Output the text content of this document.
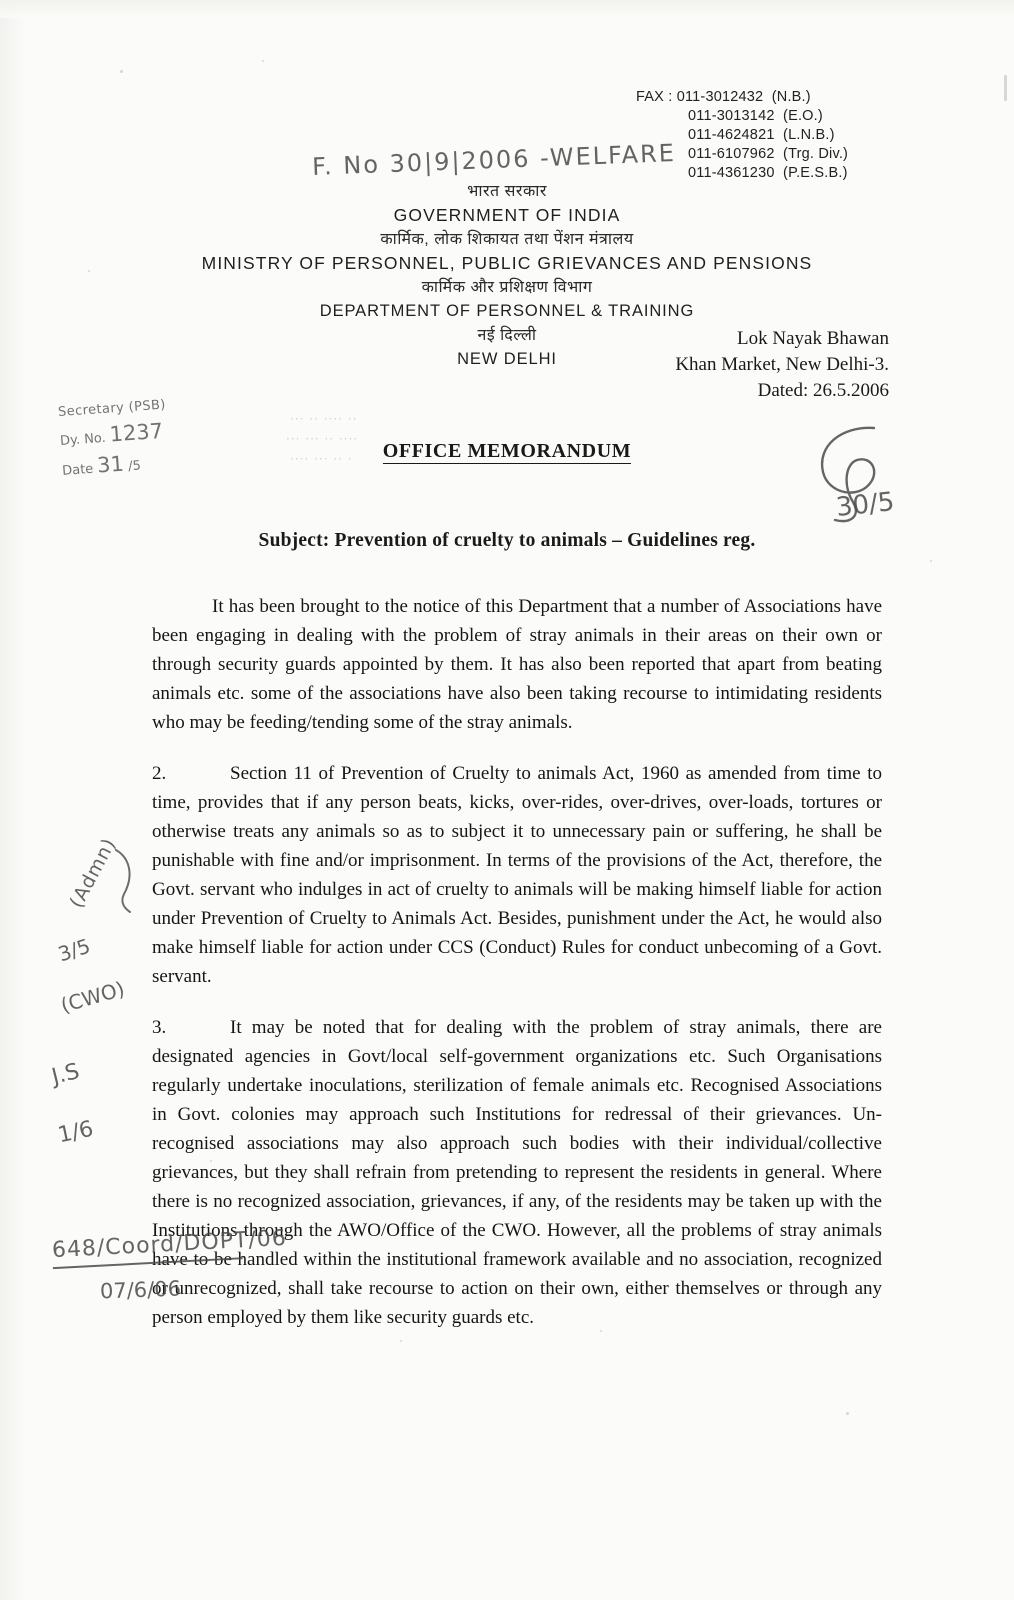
FAX : 011-3012432  (N.B.)
011-3013142  (E.O.)
011-4624821  (L.N.B.)
011-6107962  (Trg. Div.)
011-4361230  (P.E.S.B.)
F. No 30|9|2006 -WELFARE
भारत सरकार
GOVERNMENT OF INDIA
कार्मिक, लोक शिकायत तथा पेंशन मंत्रालय
MINISTRY OF PERSONNEL, PUBLIC GRIEVANCES AND PENSIONS
कार्मिक और प्रशिक्षण विभाग
DEPARTMENT OF PERSONNEL & TRAINING
नई दिल्ली
NEW DELHI
Lok Nayak Bhawan
Khan Market, New Delhi-3.
Dated: 26.5.2006
Secretary (PSB)
Dy. No. 1237
Date 31 /5
··· ·· ···· ··
··· ··· ·· ····
···· ··· ·· ·	OFFICE MEMORANDUM
30/5
Subject: Prevention of cruelty to animals – Guidelines reg.
It has been brought to the notice of this Department that a number of Associations have been engaging in dealing with the problem of stray animals in their areas on their own or through security guards appointed by them. It has also been reported that apart from beating animals etc. some of the associations have also been taking recourse to intimidating residents who may be feeding/tending some of the stray animals.
2.	Section 11 of Prevention of Cruelty to animals Act, 1960 as amended from time to time, provides that if any person beats, kicks, over-rides, over-drives, over-loads, tortures or otherwise treats any animals so as to subject it to unnecessary pain or suffering, he shall be punishable with fine and/or imprisonment. In terms of the provisions of the Act, therefore, the Govt. servant who indulges in act of cruelty to animals will be making himself liable for action under Prevention of Cruelty to Animals Act. Besides, punishment under the Act, he would also make himself liable for action under CCS (Conduct) Rules for conduct unbecoming of a Govt. servant.
3.	It may be noted that for dealing with the problem of stray animals, there are designated agencies in Govt/local self-government organizations etc. Such Organisations regularly undertake inoculations, sterilization of female animals etc. Recognised Associations in Govt. colonies may approach such Institutions for redressal of their grievances. Un-recognised associations may also approach such bodies with their individual/collective grievances, but they shall refrain from pretending to represent the residents in general. Where there is no recognized association, grievances, if any, of the residents may be taken up with the Institutions through the AWO/Office of the CWO. However, all the problems of stray animals have to be handled within the institutional framework available and no association, recognized or unrecognized, shall take recourse to action on their own, either themselves or through any person employed by them like security guards etc.
(Admn)
3/5
(CWO)
J.S
1/6
648/Coord/DOPT/06
07/6/06
